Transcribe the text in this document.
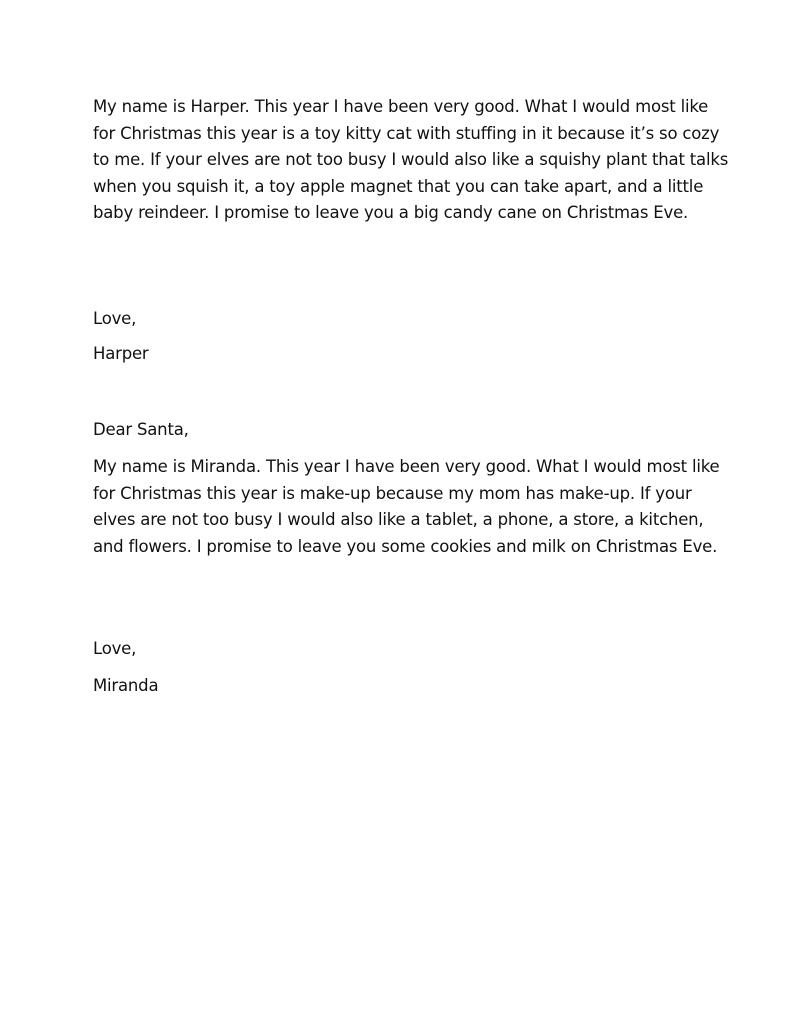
My name is Harper. This year I have been very good. What I would most like for Christmas this year is a toy kitty cat with stuffing in it because it’s so cozy to me. If your elves are not too busy I would also like a squishy plant that talks when you squish it, a toy apple magnet that you can take apart, and a little baby reindeer. I promise to leave you a big candy cane on Christmas Eve.

Love,

Harper

Dear Santa,

My name is Miranda. This year I have been very good. What I would most like for Christmas this year is make-up because my mom has make-up. If your elves are not too busy I would also like a tablet, a phone, a store, a kitchen, and flowers. I promise to leave you some cookies and milk on Christmas Eve.

Love,

Miranda
